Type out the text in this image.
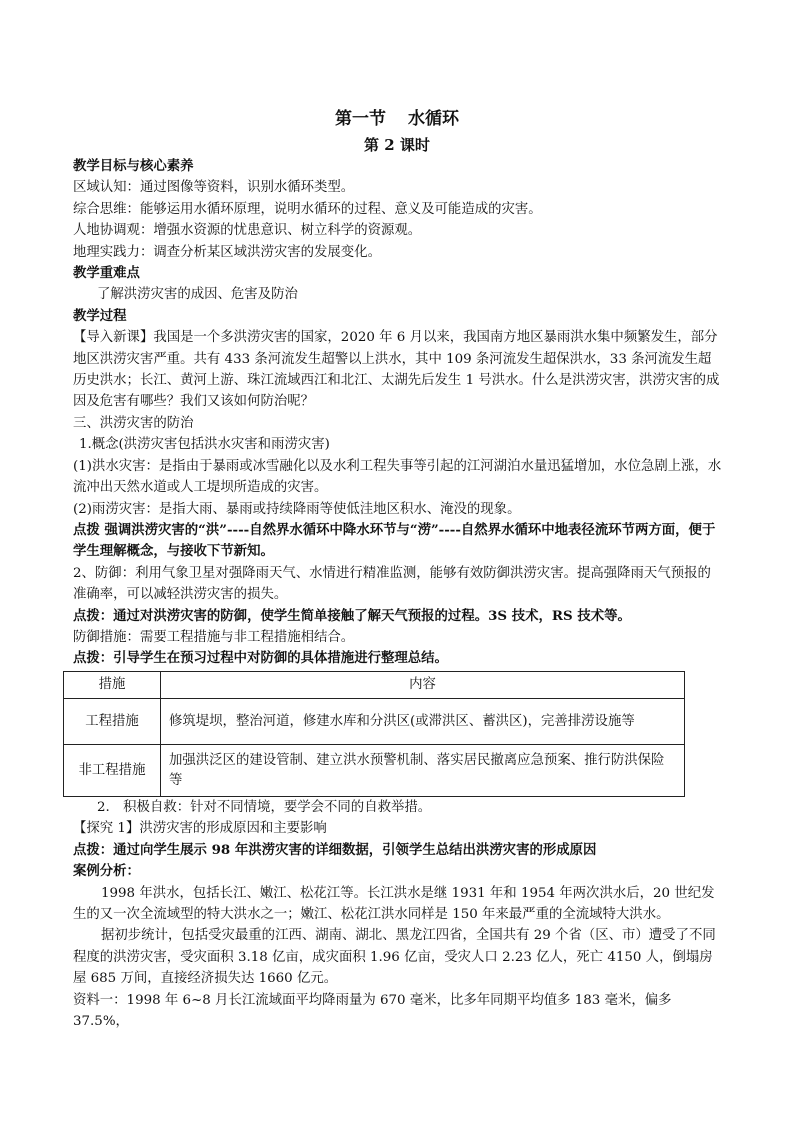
第一节 水循环
第 2 课时

教学目标与核心素养

区域认知：通过图像等资料，识别水循环类型。

综合思维：能够运用水循环原理，说明水循环的过程、意义及可能造成的灾害。

人地协调观：增强水资源的忧患意识、树立科学的资源观。

地理实践力：调查分析某区域洪涝灾害的发展变化。

教学重难点

了解洪涝灾害的成因、危害及防治

教学过程

【导入新课】我国是一个多洪涝灾害的国家，2020 年 6 月以来，我国南方地区暴雨洪水集中频繁发生，部分地区洪涝灾害严重。共有 433 条河流发生超警以上洪水，其中 109 条河流发生超保洪水，33 条河流发生超历史洪水；长江、黄河上游、珠江流域西江和北江、太湖先后发生 1 号洪水。什么是洪涝灾害，洪涝灾害的成因及危害有哪些？我们又该如何防治呢？

三、洪涝灾害的防治

1.概念(洪涝灾害包括洪水灾害和雨涝灾害)

(1)洪水灾害：是指由于暴雨或冰雪融化以及水利工程失事等引起的江河湖泊水量迅猛增加，水位急剧上涨，水流冲出天然水道或人工堤坝所造成的灾害。

(2)雨涝灾害：是指大雨、暴雨或持续降雨等使低洼地区积水、淹没的现象。

点拨 强调洪涝灾害的“洪”----自然界水循环中降水环节与“涝”----自然界水循环中地表径流环节两方面，便于学生理解概念，与接收下节新知。

2、防御：利用气象卫星对强降雨天气、水情进行精准监测，能够有效防御洪涝灾害。提高强降雨天气预报的准确率，可以减轻洪涝灾害的损失。

点拨：通过对洪涝灾害的防御，使学生简单接触了解天气预报的过程。3S 技术，RS 技术等。

防御措施：需要工程措施与非工程措施相结合。

点拨：引导学生在预习过程中对防御的具体措施进行整理总结。

措施	内容
工程措施	修筑堤坝，整治河道，修建水库和分洪区(或滞洪区、蓄洪区)，完善排涝设施等
非工程措施	加强洪泛区的建设管制、建立洪水预警机制、落实居民撤离应急预案、推行防洪保险等

2.　积极自救：针对不同情境，要学会不同的自救举措。

【探究 1】洪涝灾害的形成原因和主要影响

点拨：通过向学生展示 98 年洪涝灾害的详细数据，引领学生总结出洪涝灾害的形成原因

案例分析：

1998 年洪水，包括长江、嫩江、松花江等。长江洪水是继 1931 年和 1954 年两次洪水后，20 世纪发生的又一次全流域型的特大洪水之一；嫩江、松花江洪水同样是 150 年来最严重的全流域特大洪水。

据初步统计，包括受灾最重的江西、湖南、湖北、黑龙江四省，全国共有 29 个省（区、市）遭受了不同程度的洪涝灾害，受灾面积 3.18 亿亩，成灾面积 1.96 亿亩，受灾人口 2.23 亿人，死亡 4150 人，倒塌房屋 685 万间，直接经济损失达 1660 亿元。

资料一：1998 年 6~8 月长江流域面平均降雨量为 670 毫米，比多年同期平均值多 183 毫米，偏多 37.5%，
